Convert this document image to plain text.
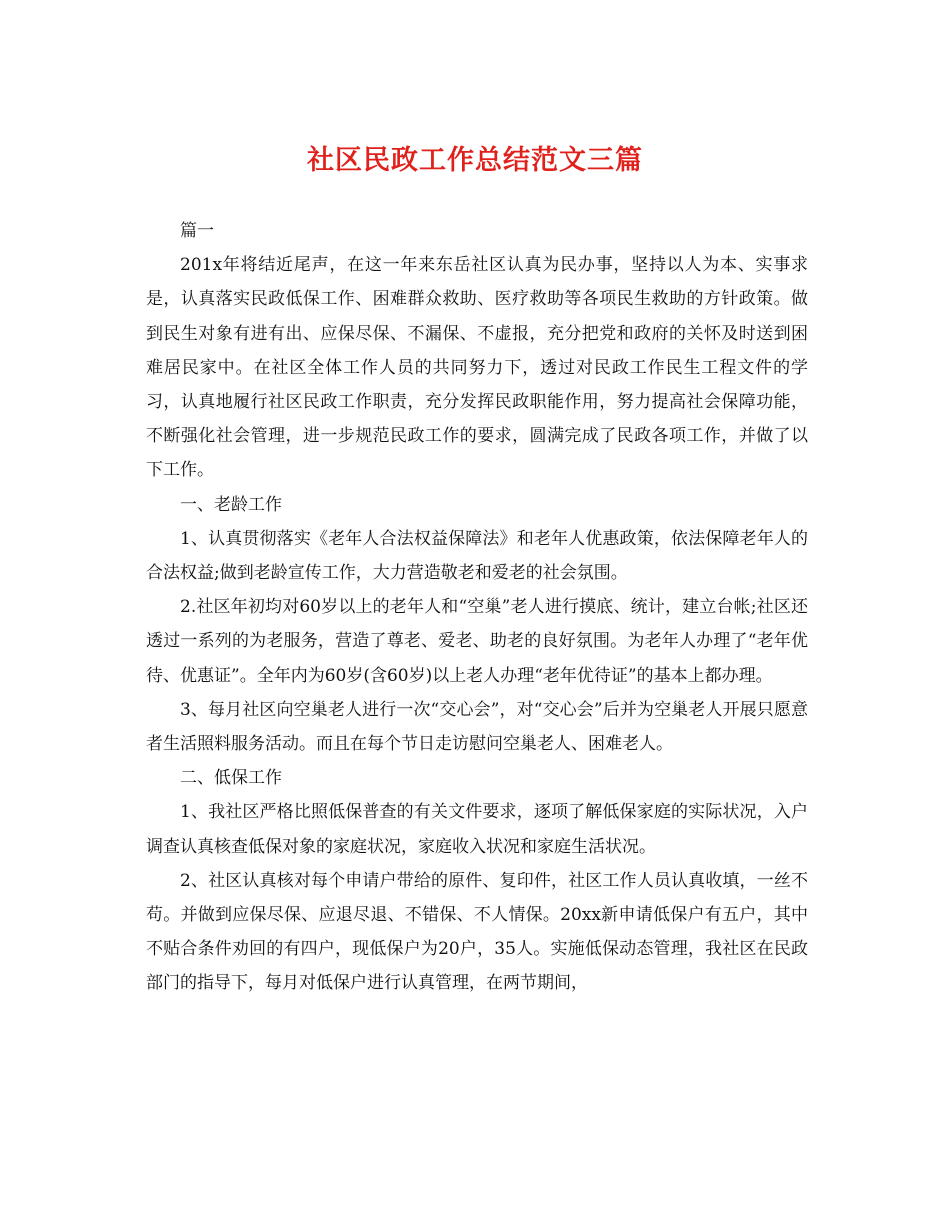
社区民政工作总结范文三篇

篇一

201x年将结近尾声，在这一年来东岳社区认真为民办事，坚持以人为本、实事求是，认真落实民政低保工作、困难群众救助、医疗救助等各项民生救助的方针政策。做到民生对象有进有出、应保尽保、不漏保、不虚报，充分把党和政府的关怀及时送到困难居民家中。在社区全体工作人员的共同努力下，透过对民政工作民生工程文件的学习，认真地履行社区民政工作职责，充分发挥民政职能作用，努力提高社会保障功能，不断强化社会管理，进一步规范民政工作的要求，圆满完成了民政各项工作，并做了以下工作。

一、老龄工作

1、认真贯彻落实《老年人合法权益保障法》和老年人优惠政策，依法保障老年人的合法权益;做到老龄宣传工作，大力营造敬老和爱老的社会氛围。

2.社区年初均对60岁以上的老年人和“空巢”老人进行摸底、统计，建立台帐;社区还透过一系列的为老服务，营造了尊老、爱老、助老的良好氛围。为老年人办理了“老年优待、优惠证”。全年内为60岁(含60岁)以上老人办理“老年优待证”的基本上都办理。

3、每月社区向空巢老人进行一次“交心会”，对“交心会”后并为空巢老人开展只愿意者生活照料服务活动。而且在每个节日走访慰问空巢老人、困难老人。

二、低保工作

1、我社区严格比照低保普查的有关文件要求，逐项了解低保家庭的实际状况，入户调查认真核查低保对象的家庭状况，家庭收入状况和家庭生活状况。

2、社区认真核对每个申请户带给的原件、复印件，社区工作人员认真收填，一丝不苟。并做到应保尽保、应退尽退、不错保、不人情保。20xx新申请低保户有五户，其中不贴合条件劝回的有四户，现低保户为20户，35人。实施低保动态管理，我社区在民政部门的指导下，每月对低保户进行认真管理，在两节期间，
